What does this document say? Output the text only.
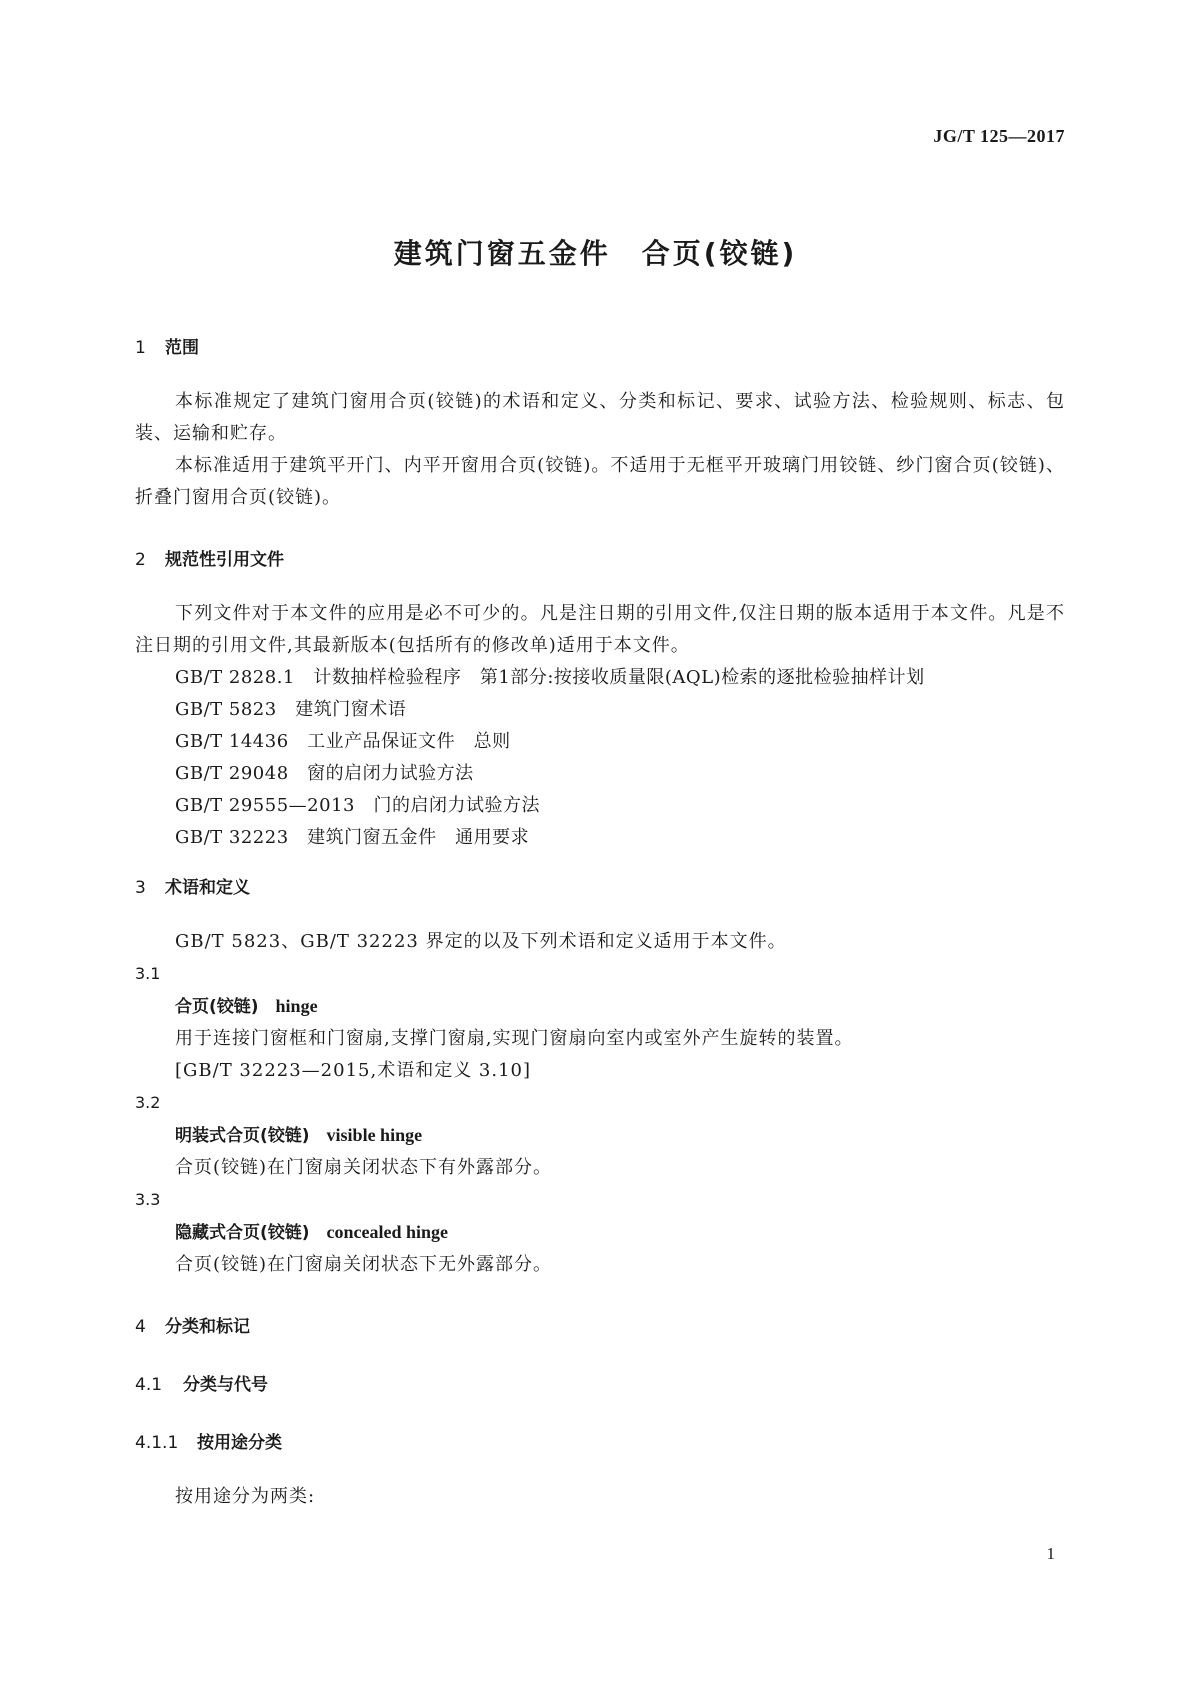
JG/T 125—2017
建筑门窗五金件　合页(铰链)
1 范围
本标准规定了建筑门窗用合页(铰链)的术语和定义、分类和标记、要求、试验方法、检验规则、标志、包装、运输和贮存。
本标准适用于建筑平开门、内平开窗用合页(铰链)。不适用于无框平开玻璃门用铰链、纱门窗合页(铰链)、折叠门窗用合页(铰链)。
2 规范性引用文件
下列文件对于本文件的应用是必不可少的。凡是注日期的引用文件,仅注日期的版本适用于本文件。凡是不注日期的引用文件,其最新版本(包括所有的修改单)适用于本文件。
GB/T 2828.1　计数抽样检验程序　第1部分:按接收质量限(AQL)检索的逐批检验抽样计划
GB/T 5823　建筑门窗术语
GB/T 14436　工业产品保证文件　总则
GB/T 29048　窗的启闭力试验方法
GB/T 29555—2013　门的启闭力试验方法
GB/T 32223　建筑门窗五金件　通用要求
3 术语和定义
GB/T 5823、GB/T 32223 界定的以及下列术语和定义适用于本文件。
3.1
合页(铰链)　 hinge
用于连接门窗框和门窗扇,支撑门窗扇,实现门窗扇向室内或室外产生旋转的装置。
[GB/T 32223—2015,术语和定义 3.10]
3.2
明装式合页(铰链)　 visible hinge
合页(铰链)在门窗扇关闭状态下有外露部分。
3.3
隐藏式合页(铰链)　 concealed hinge
合页(铰链)在门窗扇关闭状态下无外露部分。
4 分类和标记
4.1 分类与代号
4.1.1 按用途分类
按用途分为两类:
1
